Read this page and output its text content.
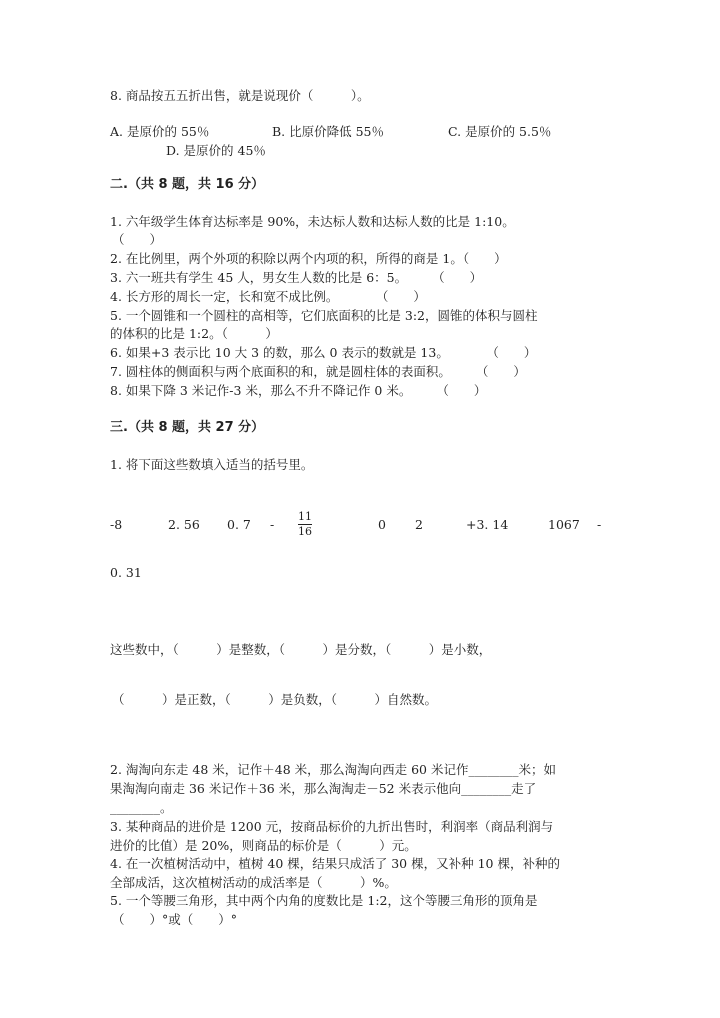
8. 商品按五五折出售，就是说现价（　　　）。
A. 是原价的 55％	B. 比原价降低 55％	C. 是原价的 5.5％
D. 是原价的 45％
二.（共 8 题，共 16 分）
1. 六年级学生体育达标率是 90%，未达标人数和达标人数的比是 1:10。
（　　）
2. 在比例里，两个外项的积除以两个内项的积，所得的商是 1。（　　）
3. 六一班共有学生 45 人，男女生人数的比是 6：5。　　　（　　）
4. 长方形的周长一定，长和宽不成比例。　　　　（　　）
5. 一个圆锥和一个圆柱的高相等，它们底面积的比是 3:2，圆锥的体积与圆柱
的体积的比是 1:2。（　　　）
6. 如果+3 表示比 10 大 3 的数，那么 0 表示的数就是 13。　　　　（　　）
7. 圆柱体的侧面积与两个底面积的和，就是圆柱体的表面积。　　　（　　）
8. 如果下降 3 米记作-3 米，那么不升不降记作 0 米。　　　（　　）
三.（共 8 题，共 27 分）
1. 将下面这些数填入适当的括号里。
-8	2. 56 0. 7 -
11
16	0 2	+3. 14	1067 -
0. 31
这些数中，（　　　）是整数，（　　　）是分数，（　　　）是小数，
（　　　）是正数，（　　　）是负数，（　　　）自然数。
2. 淘淘向东走 48 米，记作＋48 米，那么淘淘向西走 60 米记作________米；如
果淘淘向南走 36 米记作＋36 米，那么淘淘走－52 米表示他向________走了
________。
3. 某种商品的进价是 1200 元，按商品标价的九折出售时，利润率（商品利润与
进价的比值）是 20%，则商品的标价是（　　　）元。
4. 在一次植树活动中，植树 40 棵，结果只成活了 30 棵，又补种 10 棵，补种的
全部成活，这次植树活动的成活率是（　　　）%。
5. 一个等腰三角形，其中两个内角的度数比是 1:2，这个等腰三角形的顶角是
（　　）°或（　　）°
